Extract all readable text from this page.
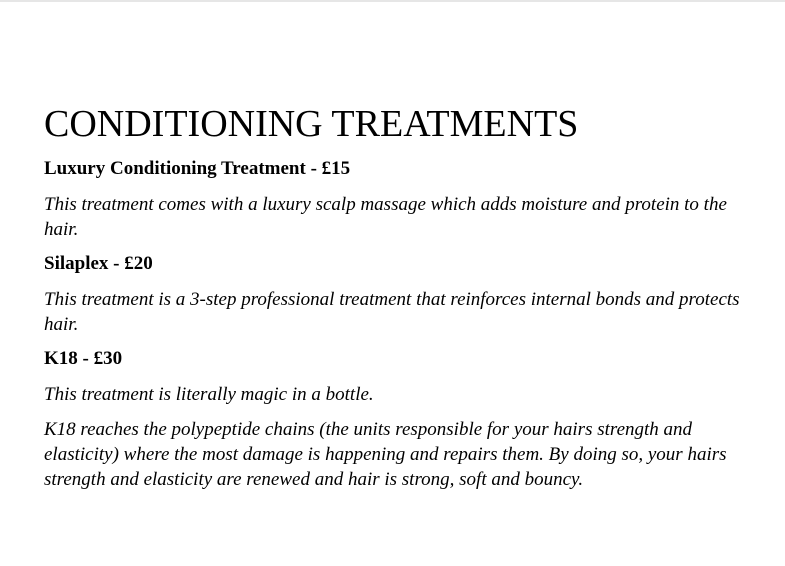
CONDITIONING TREATMENTS

Luxury Conditioning Treatment - £15

This treatment comes with a luxury scalp massage which adds moisture and protein to the hair.

Silaplex - £20

This treatment is a 3-step professional treatment that reinforces internal bonds and protects hair.

K18 - £30

This treatment is literally magic in a bottle.

K18 reaches the polypeptide chains (the units responsible for your hairs strength and elasticity) where the most damage is happening and repairs them. By doing so, your hairs strength and elasticity are renewed and hair is strong, soft and bouncy.
